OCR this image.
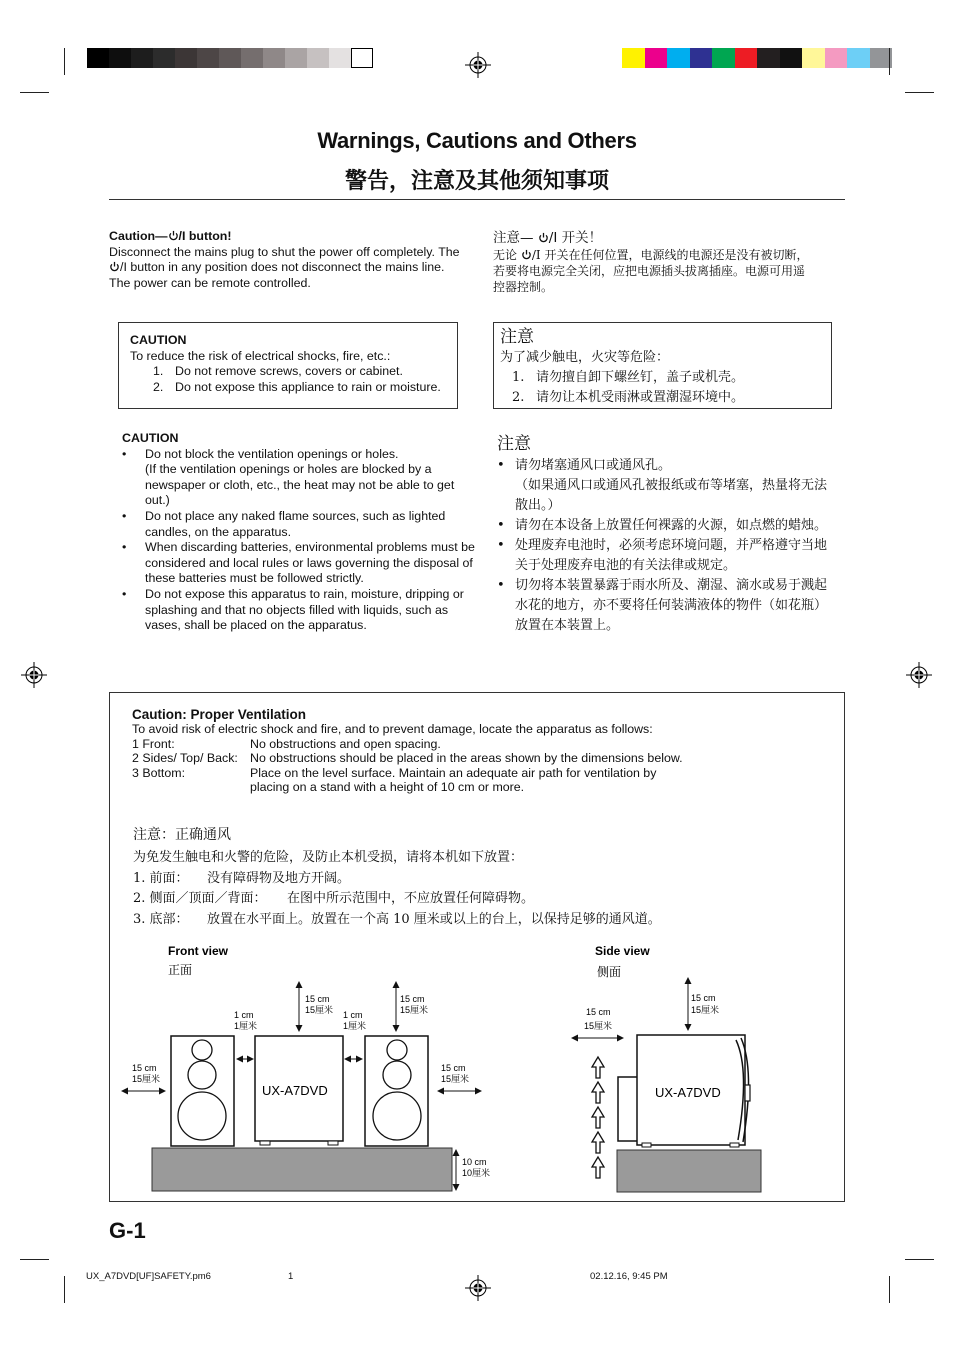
Warnings, Cautions and Others
警告，注意及其他须知事项
Caution— /I button!
Disconnect the mains plug to shut the power off completely. The
/I button in any position does not disconnect the mains line.
The power can be remote controlled.
注意— /I 开关！
无论 /I 开关在任何位置，电源线的电源还是没有被切断，
若要将电源完全关闭，应把电源插头拔离插座。电源可用遥
控器控制。
CAUTION
To reduce the risk of electrical shocks, fire, etc.:
1. Do not remove screws, covers or cabinet.
2. Do not expose this appliance to rain or moisture.
注意
为了减少触电，火灾等危险：
1. 请勿擅自卸下螺丝钉，盖子或机壳。
2. 请勿让本机受雨淋或置潮湿环境中。
CAUTION
• Do not block the ventilation openings or holes.
(If the ventilation openings or holes are blocked by a newspaper or cloth, etc., the heat may not be able to get out.)
• Do not place any naked flame sources, such as lighted candles, on the apparatus.
• When discarding batteries, environmental problems must be considered and local rules or laws governing the disposal of these batteries must be followed strictly.
• Do not expose this apparatus to rain, moisture, dripping or splashing and that no objects filled with liquids, such as vases, shall be placed on the apparatus.
注意
• 请勿堵塞通风口或通风孔。
（如果通风口或通风孔被报纸或布等堵塞，热量将无法散出。）
• 请勿在本设备上放置任何裸露的火源，如点燃的蜡烛。
• 处理废弃电池时，必须考虑环境问题，并严格遵守当地关于处理废弃电池的有关法律或规定。
• 切勿将本装置暴露于雨水所及、潮湿、滴水或易于溅起水花的地方，亦不要将任何装满液体的物件（如花瓶）放置在本装置上。
Caution: Proper Ventilation
To avoid risk of electric shock and fire, and to prevent damage, locate the apparatus as follows:
1 Front:	No obstructions and open spacing.
2 Sides/ Top/ Back: No obstructions should be placed in the areas shown by the dimensions below.
3 Bottom:	Place on the level surface. Maintain an adequate air path for ventilation by placing on a stand with a height of 10 cm or more.
注意：正确通风
为免发生触电和火警的危险，及防止本机受损，请将本机如下放置：
1. 前面：	没有障碍物及地方开阔。
2. 侧面／顶面／背面：	在图中所示范围中，不应放置任何障碍物。
3. 底部：	放置在水平面上。放置在一个高 10 厘米或以上的台上，以保持足够的通风道。
Front view
正面
Side view
侧面
UX-A7DVD
15 cm
15厘米
15 cm
15厘米
1 cm
1厘米
1 cm
1厘米
15 cm
15厘米
15 cm
15厘米
10 cm
10厘米
UX-A7DVD
15 cm
15厘米
15 cm
15厘米
G-1
UX_A7DVD[UF]SAFETY.pm6	1	02.12.16, 9:45 PM
